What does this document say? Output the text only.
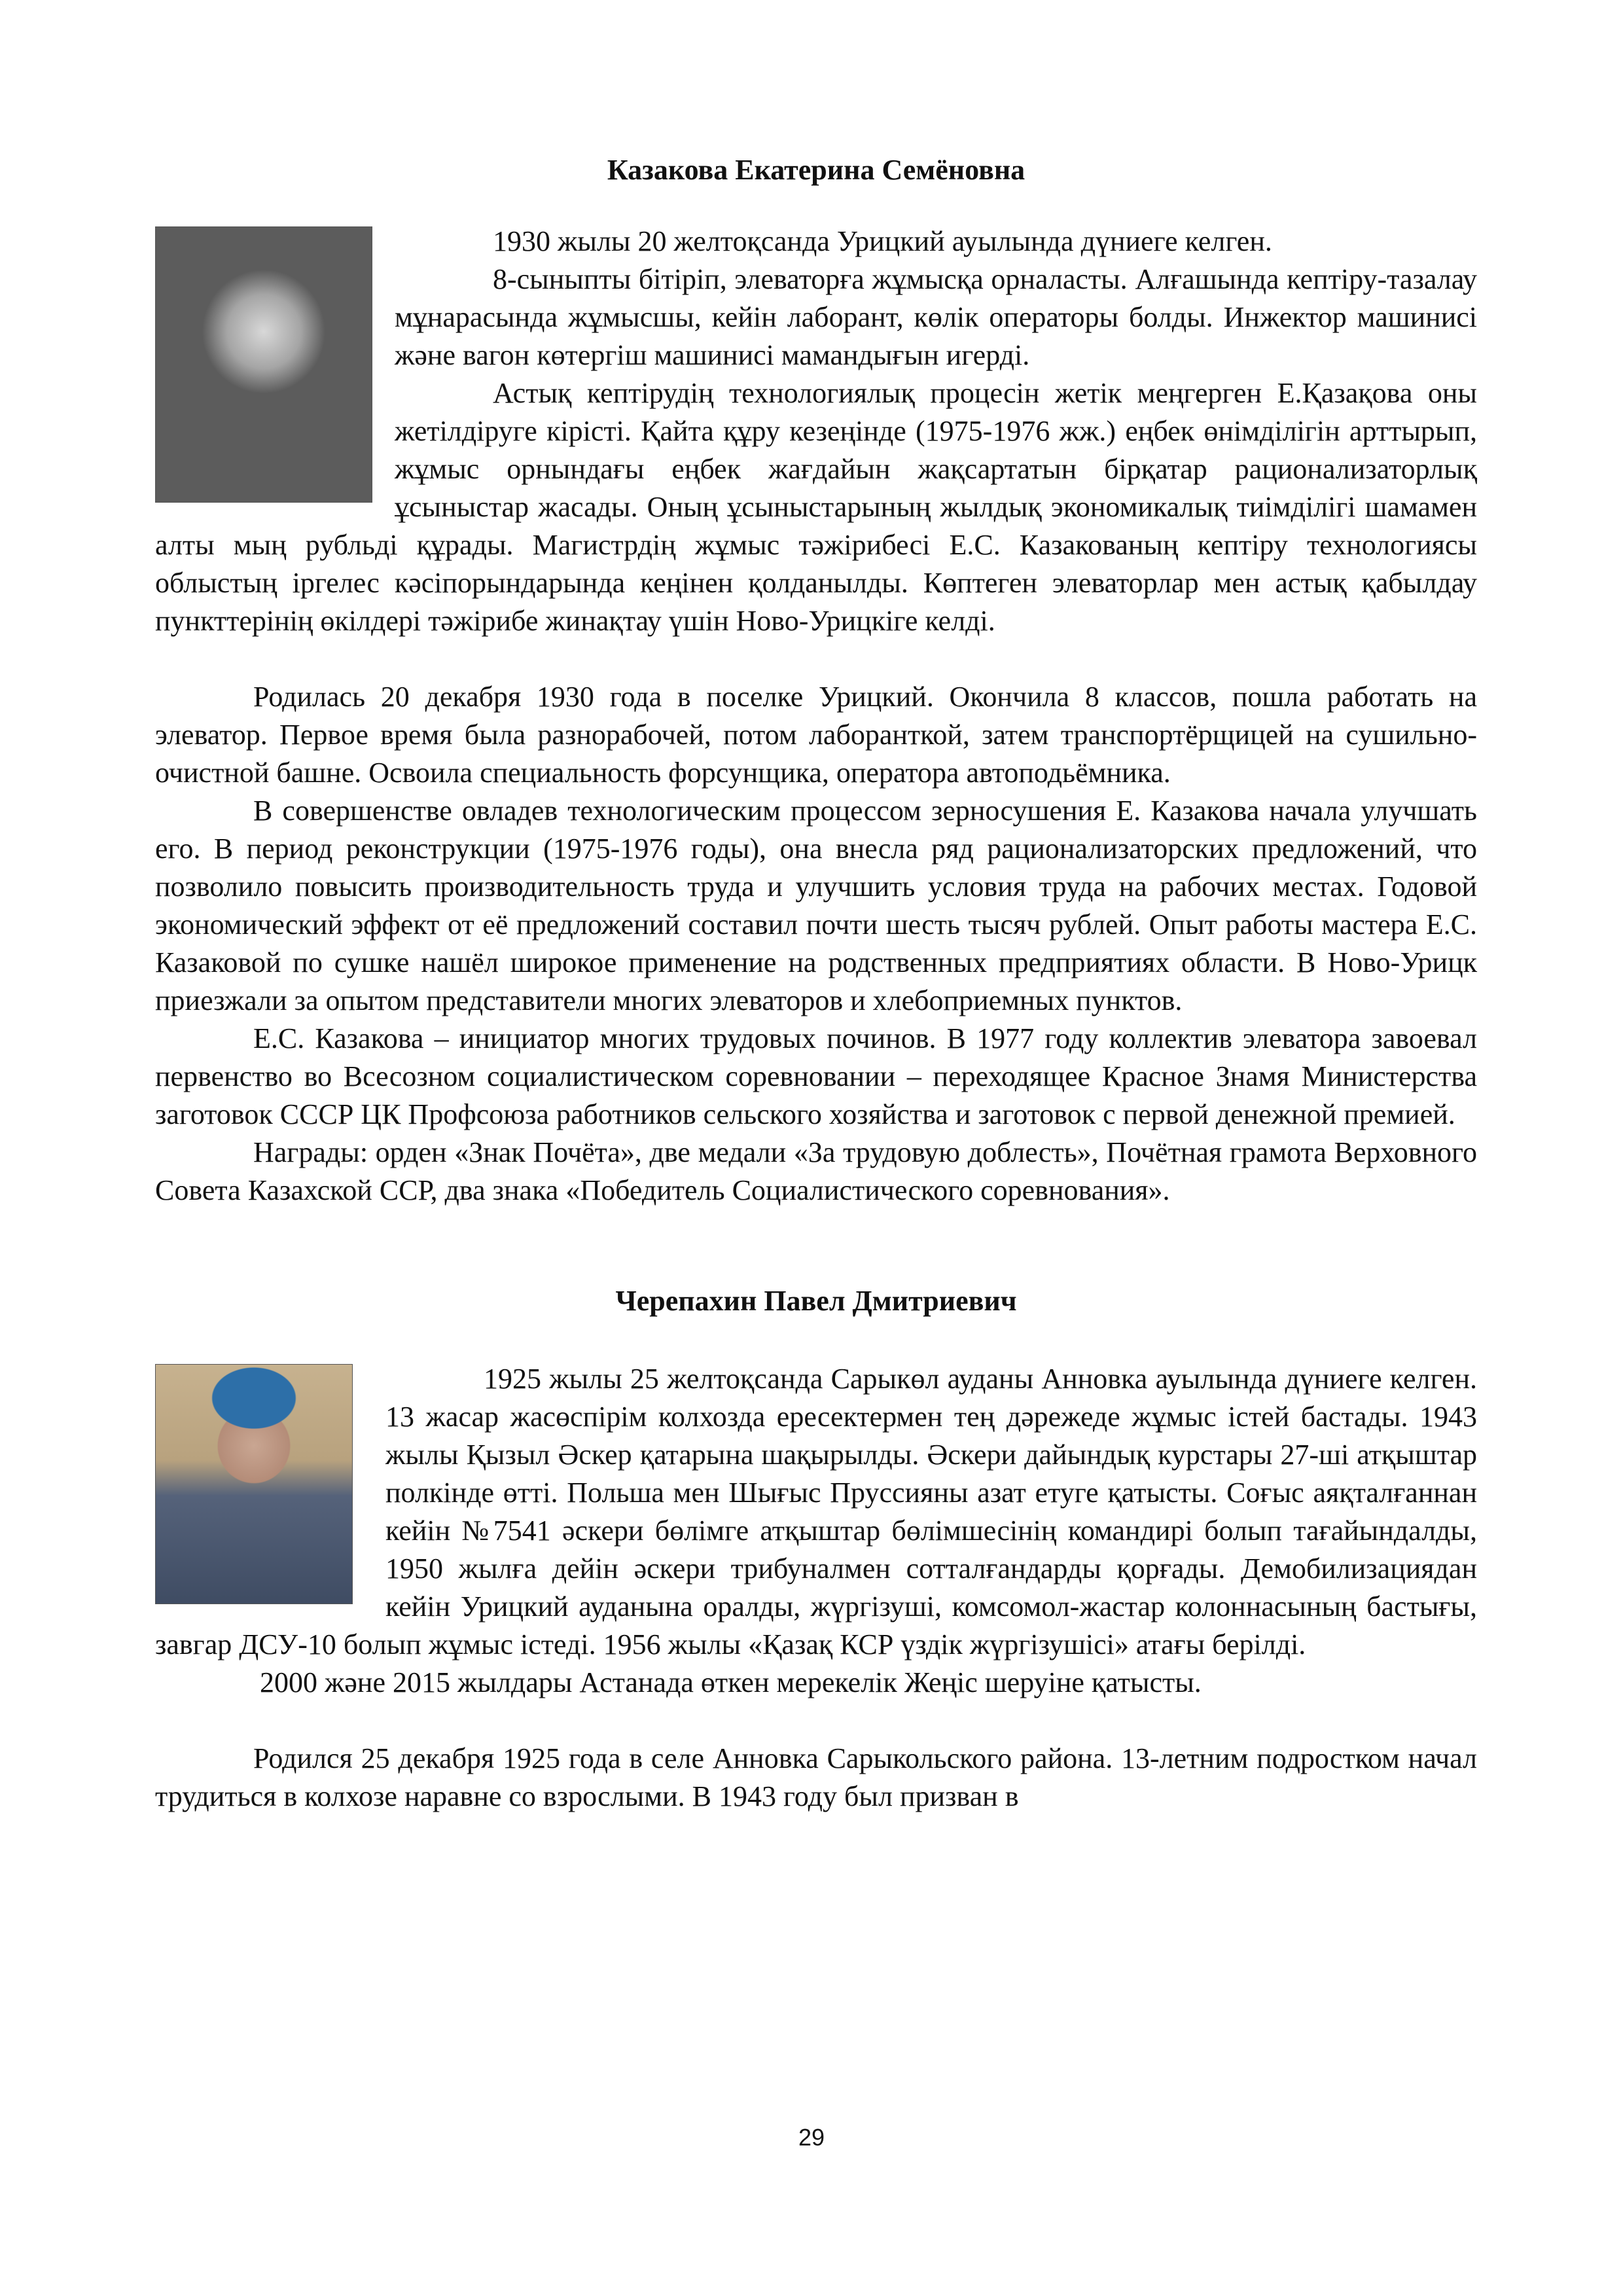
Казакова Екатерина Семёновна

1930 жылы 20 желтоқсанда Урицкий ауылында дүниеге келген.

8-сыныпты бітіріп, элеваторға жұмысқа орналасты. Алғашында кептіру-тазалау мұнарасында жұмысшы, кейін лаборант, көлік операторы болды. Инжектор машинисі және вагон көтергіш машинисі мамандығын игерді.

Астық кептірудің технологиялық процесін жетік меңгерген Е.Қазақова оны жетілдіруге кірісті. Қайта құру кезеңінде (1975-1976 жж.) еңбек өнімділігін арттырып, жұмыс орнындағы еңбек жағдайын жақсартатын бірқатар рационализаторлық ұсыныстар жасады. Оның ұсыныстарының жылдық экономикалық тиімділігі шамамен алты мың рубльді құрады. Магистрдің жұмыс тәжірибесі Е.С. Казакованың кептіру технологиясы облыстың іргелес кәсіпорындарында кеңінен қолданылды. Көптеген элеваторлар мен астық қабылдау пункттерінің өкілдері тәжірибе жинақтау үшін Ново-Урицкіге келді.

Родилась 20 декабря 1930 года в поселке Урицкий. Окончила 8 классов, пошла работать на элеватор. Первое время была разнорабочей, потом лаборанткой, затем транспортёрщицей на сушильно-очистной башне. Освоила специальность форсунщика, оператора автоподьёмника.

В совершенстве овладев технологическим процессом зерносушения Е. Казакова начала улучшать его. В период реконструкции (1975-1976 годы), она внесла ряд рационализаторских предложений, что позволило повысить производительность труда и улучшить условия труда на рабочих местах. Годовой экономический эффект от её предложений составил почти шесть тысяч рублей. Опыт работы мастера Е.С. Казаковой по сушке нашёл широкое применение на родственных предприятиях области. В Ново-Урицк приезжали за опытом представители многих элеваторов и хлебоприемных пунктов.

Е.С. Казакова – инициатор многих трудовых починов. В 1977 году коллектив элеватора завоевал первенство во Всесозном социалистическом соревновании – переходящее Красное Знамя Министерства заготовок СССР ЦК Профсоюза работников сельского хозяйства и заготовок с первой денежной премией.

Награды: орден «Знак Почёта», две медали «За трудовую доблесть», Почётная грамота Верховного Совета Казахской ССР, два знака «Победитель Социалистического соревнования».

Черепахин Павел Дмитриевич

1925 жылы 25 желтоқсанда Сарыкөл ауданы Анновка ауылында дүниеге келген. 13 жасар жасөспірім колхозда ересектермен тең дәрежеде жұмыс істей бастады. 1943 жылы Қызыл Әскер қатарына шақырылды. Әскери дайындық курстары 27-ші атқыштар полкінде өтті. Польша мен Шығыс Пруссияны азат етуге қатысты. Соғыс аяқталғаннан кейін №7541 әскери бөлімге атқыштар бөлімшесінің командирі болып тағайындалды, 1950 жылға дейін әскери трибуналмен сотталғандарды қорғады. Демобилизациядан кейін Урицкий ауданына оралды, жүргізуші, комсомол-жастар колоннасының бастығы, завгар ДСУ-10 болып жұмыс істеді. 1956 жылы «Қазақ КСР үздік жүргізушісі» атағы берілді.

2000 және 2015 жылдары Астанада өткен мерекелік Жеңіс шеруіне қатысты.

Родился 25 декабря 1925 года в селе Анновка Сарыкольского района. 13-летним подростком начал трудиться в колхозе наравне со взрослыми. В 1943 году был призван в

29
